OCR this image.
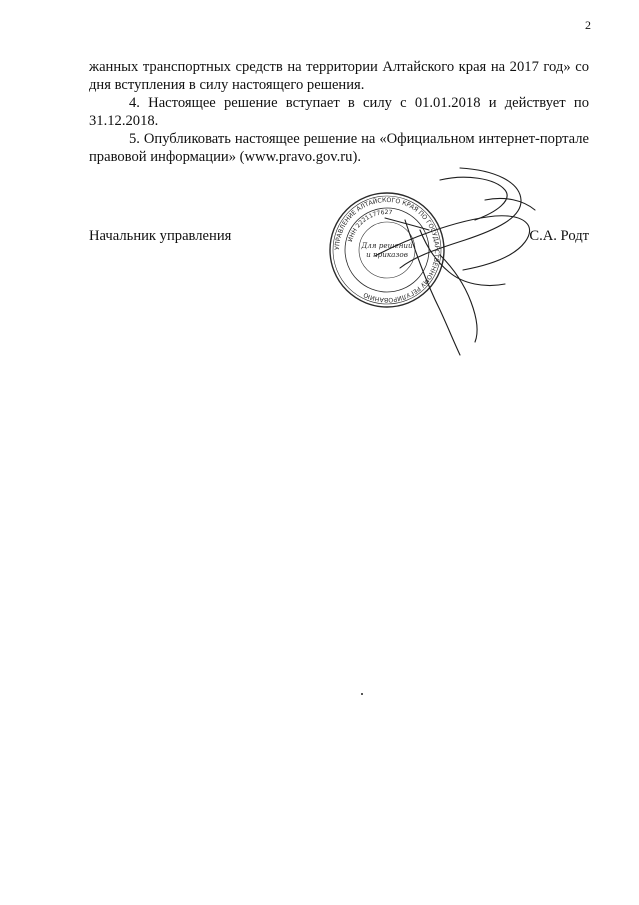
2

жанных транспортных средств на территории Алтайского края на 2017 год» со дня вступления в силу настоящего решения.

4. Настоящее решение вступает в силу с 01.01.2018 и действует по 31.12.2018.

5. Опубликовать настоящее решение на «Официальном интернет-портале правовой информации» (www.pravo.gov.ru).

Начальник управления	С.А. Родт
УПРАВЛЕНИЕ АЛТАЙСКОГО КРАЯ ПО ГОСУДАРСТВЕННОМУ РЕГУЛИРОВАНИЮ
ИНН 2221177627
Для решений
и приказов
